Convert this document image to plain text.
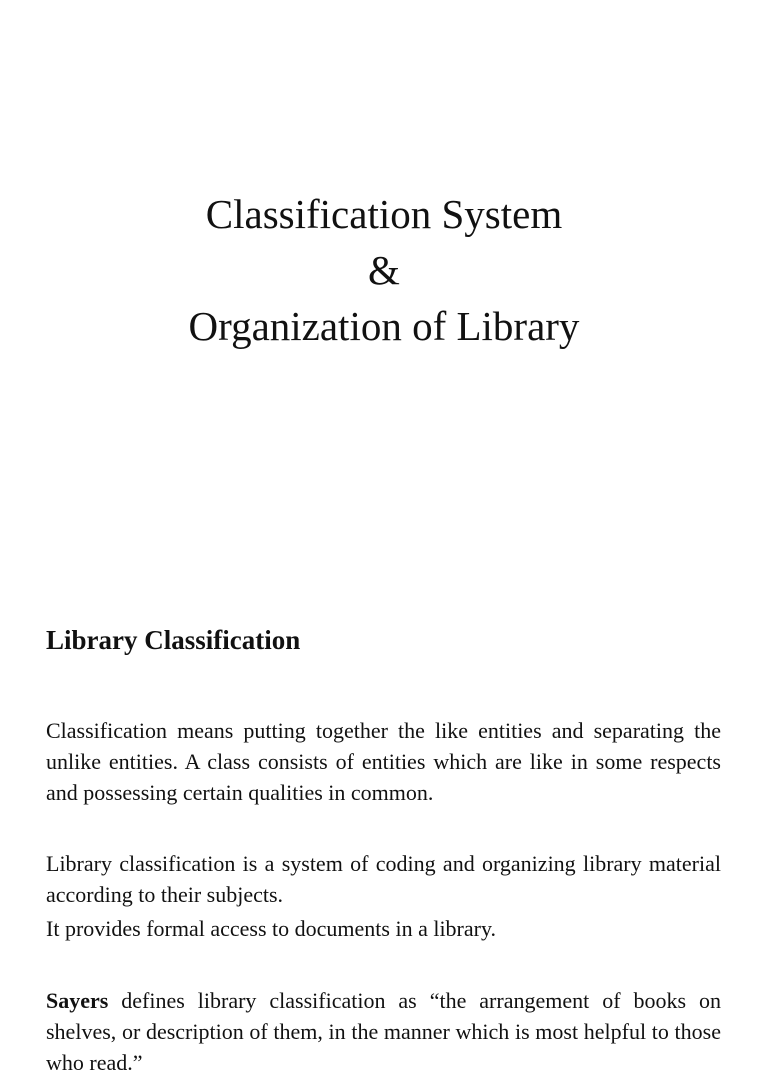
Classification System
&
Organization of Library
Library Classification

Classification means putting together the like entities and separating the unlike entities. A class consists of entities which are like in some respects and possessing certain qualities in common.

Library classification is a system of coding and organizing library material according to their subjects.

It provides formal access to documents in a library.

Sayers defines library classification as “the arrangement of books on shelves, or description of them, in the manner which is most helpful to those who read.”
